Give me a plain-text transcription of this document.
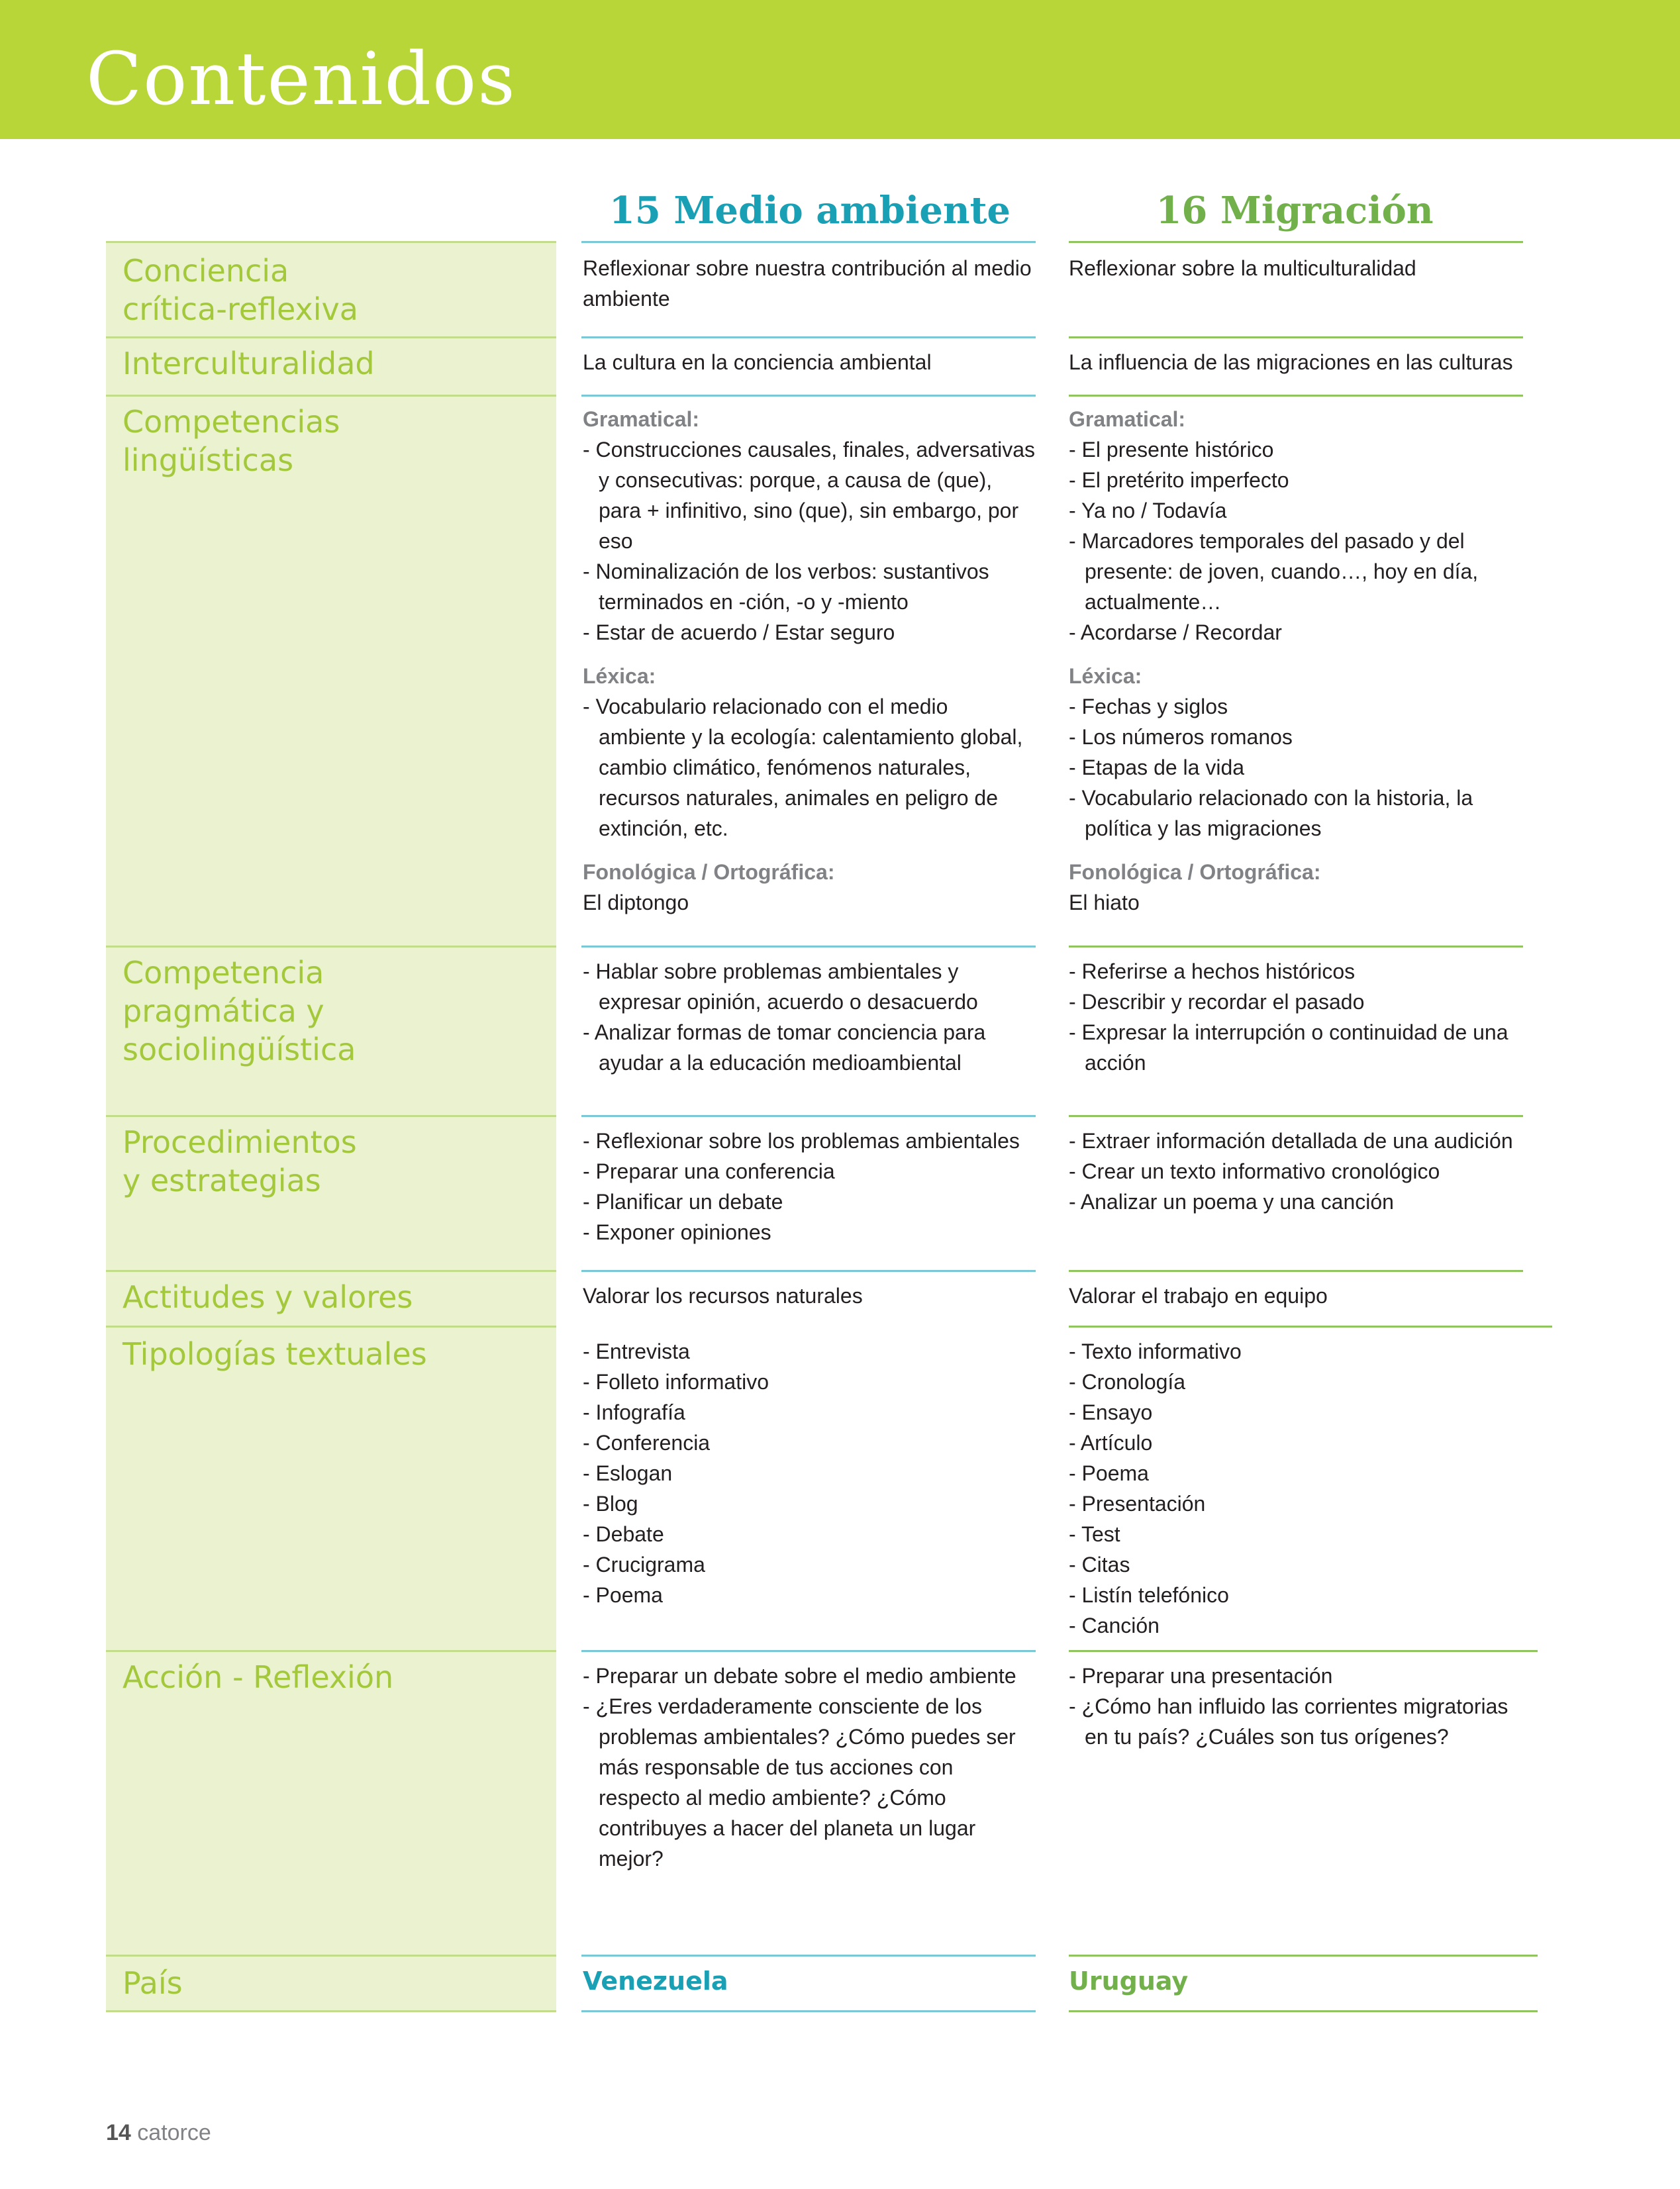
Contenidos
15 Medio ambiente	16 Migración
Conciencia
crítica-reflexiva
Interculturalidad
Competencias
lingüísticas
Competencia
pragmática y
sociolingüística
Procedimientos
y estrategias
Actitudes y valores
Tipologías textuales
Acción - Reflexión
País
Reflexionar sobre nuestra contribución al medio ambiente
La cultura en la conciencia ambiental

Gramatical:

- Construcciones causales, finales, adversativas y consecutivas: porque, a causa de (que), para + infinitivo, sino (que), sin embargo, por eso
- Nominalización de los verbos: sustantivos terminados en -ción, -o y -miento
- Estar de acuerdo / Estar seguro

Léxica:

- Vocabulario relacionado con el medio ambiente y la ecología: calentamiento global, cambio climático, fenómenos naturales, recursos naturales, animales en peligro de extinción, etc.

Fonológica / Ortográfica:

El diptongo

- Hablar sobre problemas ambientales y expresar opinión, acuerdo o desacuerdo
- Analizar formas de tomar conciencia para ayudar a la educación medioambiental
- Reflexionar sobre los problemas ambientales
- Preparar una conferencia
- Planificar un debate
- Exponer opiniones
Valorar los recursos naturales
- Entrevista
- Folleto informativo
- Infografía
- Conferencia
- Eslogan
- Blog
- Debate
- Crucigrama
- Poema
- Preparar un debate sobre el medio ambiente
- ¿Eres verdaderamente consciente de los problemas ambientales? ¿Cómo puedes ser más responsable de tus acciones con respecto al medio ambiente? ¿Cómo contribuyes a hacer del planeta un lugar mejor?
Venezuela
Reflexionar sobre la multiculturalidad
La influencia de las migraciones en las culturas

Gramatical:

- El presente histórico
- El pretérito imperfecto
- Ya no / Todavía
- Marcadores temporales del pasado y del presente: de joven, cuando…, hoy en día, actualmente…
- Acordarse / Recordar

Léxica:

- Fechas y siglos
- Los números romanos
- Etapas de la vida
- Vocabulario relacionado con la historia, la política y las migraciones

Fonológica / Ortográfica:

El hiato

- Referirse a hechos históricos
- Describir y recordar el pasado
- Expresar la interrupción o continuidad de una acción
- Extraer información detallada de una audición
- Crear un texto informativo cronológico
- Analizar un poema y una canción
Valorar el trabajo en equipo
- Texto informativo
- Cronología
- Ensayo
- Artículo
- Poema
- Presentación
- Test
- Citas
- Listín telefónico
- Canción
- Preparar una presentación
- ¿Cómo han influido las corrientes migratorias en tu país? ¿Cuáles son tus orígenes?
Uruguay
14 catorce
